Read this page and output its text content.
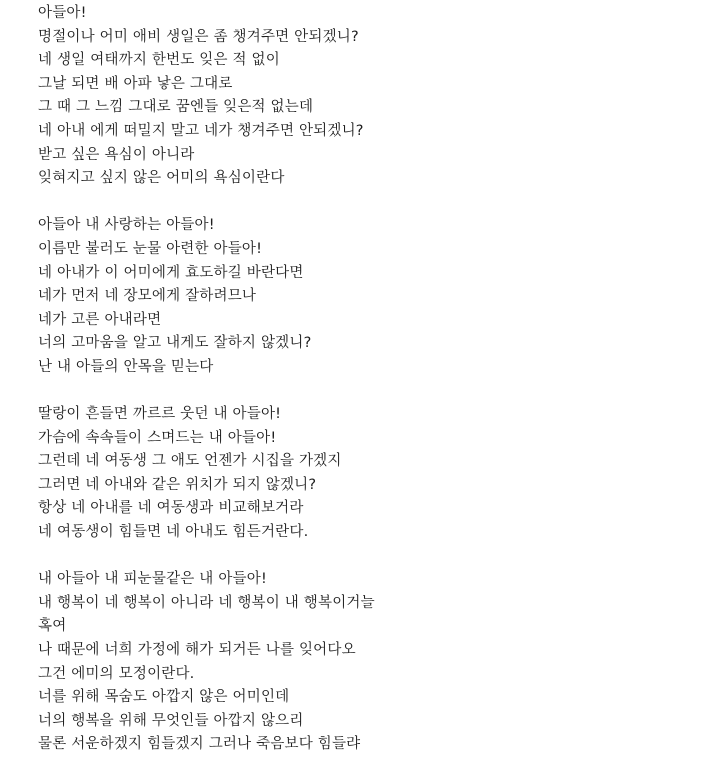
아들아!
명절이나 어미 애비 생일은 좀 챙겨주면 안되겠니?
네 생일 여태까지 한번도 잊은 적 없이
그날 되면 배 아파 낳은 그대로
그 때 그 느낌 그대로 꿈엔들 잊은적 없는데
네 아내 에게 떠밀지 말고 네가 챙겨주면 안되겠니?
받고 싶은 욕심이 아니라
잊혀지고 싶지 않은 어미의 욕심이란다
아들아 내 사랑하는 아들아!
이름만 불러도 눈물 아련한 아들아!
네 아내가 이 어미에게 효도하길 바란다면
네가 먼저 네 장모에게 잘하려므나
네가 고른 아내라면
너의 고마움을 알고 내게도 잘하지 않겠니?
난 내 아들의 안목을 믿는다
딸랑이 흔들면 까르르 웃던 내 아들아!
가슴에 속속들이 스며드는 내 아들아!
그런데 네 여동생 그 애도 언젠가 시집을 가겠지
그러면 네 아내와 같은 위치가 되지 않겠니?
항상 네 아내를 네 여동생과 비교해보거라
네 여동생이 힘들면 네 아내도 힘든거란다.
내 아들아 내 피눈물같은 내 아들아!
내 행복이 네 행복이 아니라 네 행복이 내 행복이거늘
혹여
나 때문에 너희 가정에 해가 되거든 나를 잊어다오
그건 에미의 모정이란다.
너를 위해 목숨도 아깝지 않은 어미인데
너의 행복을 위해 무엇인들 아깝지 않으리
물론 서운하겠지 힘들겠지 그러나 죽음보다 힘들랴
